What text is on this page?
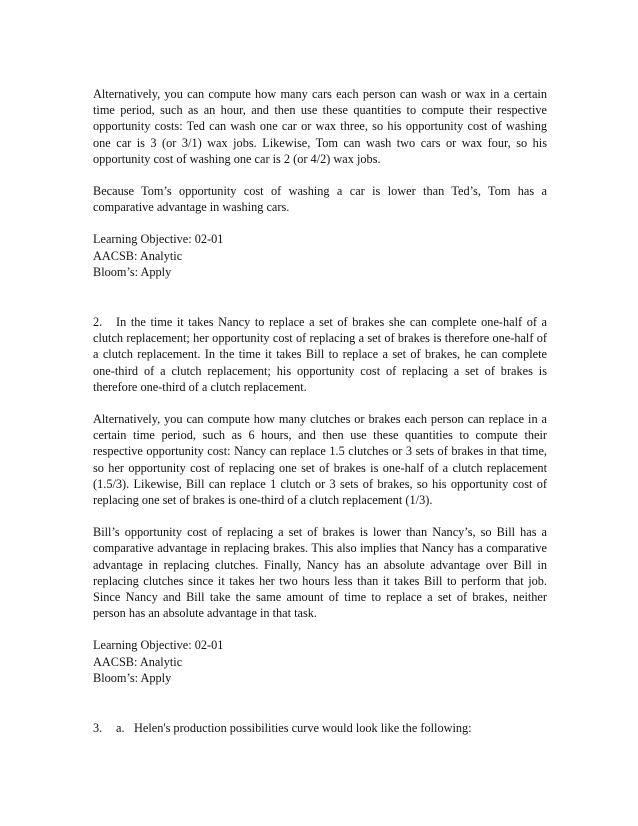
Alternatively, you can compute how many cars each person can wash or wax in a certain time period, such as an hour, and then use these quantities to compute their respective opportunity costs: Ted can wash one car or wax three, so his opportunity cost of washing one car is 3 (or 3/1) wax jobs. Likewise, Tom can wash two cars or wax four, so his opportunity cost of washing one car is 2 (or 4/2) wax jobs.

Because Tom’s opportunity cost of washing a car is lower than Ted’s, Tom has a comparative advantage in washing cars.

Learning Objective: 02-01
AACSB: Analytic
Bloom’s: Apply

2. In the time it takes Nancy to replace a set of brakes she can complete one-half of a clutch replacement; her opportunity cost of replacing a set of brakes is therefore one-half of a clutch replacement. In the time it takes Bill to replace a set of brakes, he can complete one-third of a clutch replacement; his opportunity cost of replacing a set of brakes is therefore one-third of a clutch replacement.

Alternatively, you can compute how many clutches or brakes each person can replace in a certain time period, such as 6 hours, and then use these quantities to compute their respective opportunity cost: Nancy can replace 1.5 clutches or 3 sets of brakes in that time, so her opportunity cost of replacing one set of brakes is one-half of a clutch replacement (1.5/3). Likewise, Bill can replace 1 clutch or 3 sets of brakes, so his opportunity cost of replacing one set of brakes is one-third of a clutch replacement (1/3).

Bill’s opportunity cost of replacing a set of brakes is lower than Nancy’s, so Bill has a comparative advantage in replacing brakes. This also implies that Nancy has a comparative advantage in replacing clutches. Finally, Nancy has an absolute advantage over Bill in replacing clutches since it takes her two hours less than it takes Bill to perform that job. Since Nancy and Bill take the same amount of time to replace a set of brakes, neither person has an absolute advantage in that task.

Learning Objective: 02-01
AACSB: Analytic
Bloom’s: Apply

3. a. Helen's production possibilities curve would look like the following:
